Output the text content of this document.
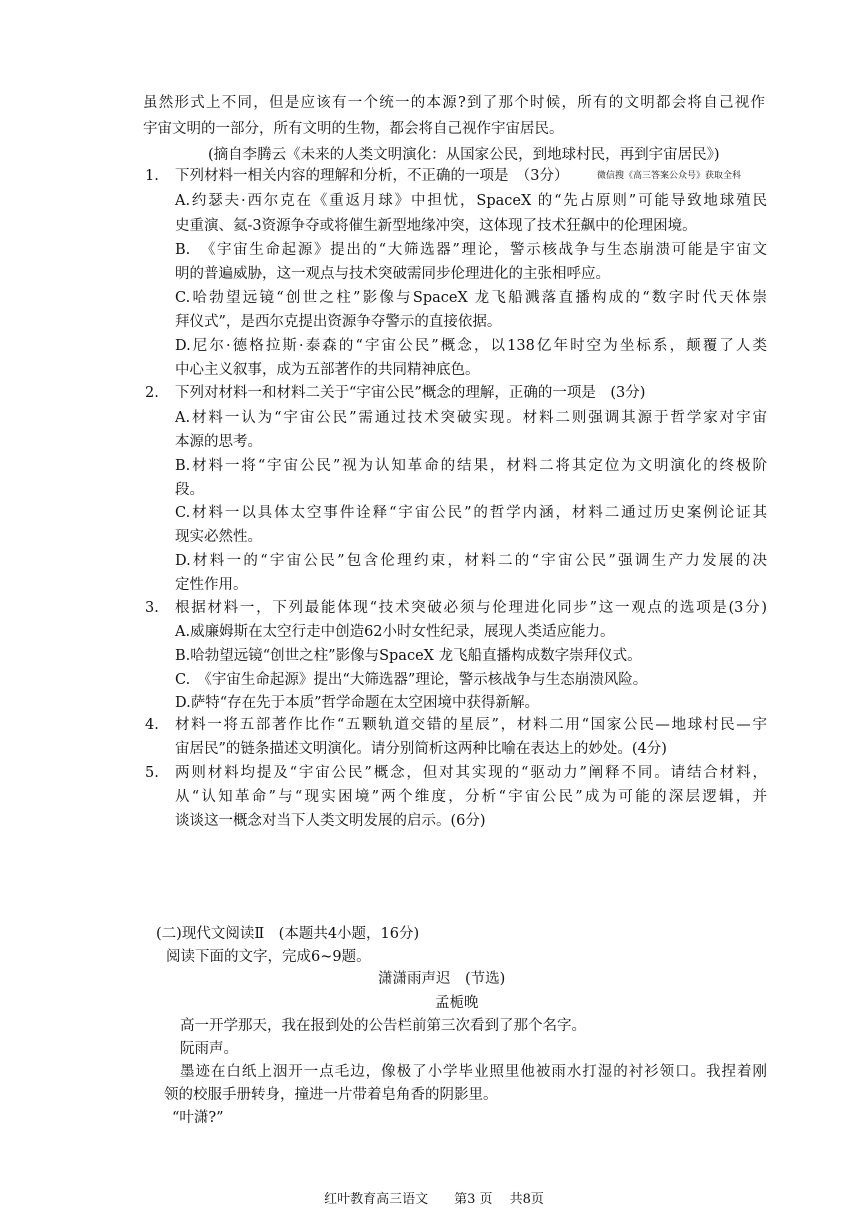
虽然形式上不同，但是应该有一个统一的本源?到了那个时候，所有的文明都会将自己视作
宇宙文明的一部分，所有文明的生物，都会将自己视作宇宙居民。
(摘自李腾云《未来的人类文明演化：从国家公民，到地球村民，再到宇宙居民》)
1. 下列材料一相关内容的理解和分析，不正确的一项是　（3分）	微信搜《高三答案公众号》获取全科
A.约瑟夫·西尔克在《重返月球》中担忧，SpaceX 的“先占原则”可能导致地球殖民
史重演、氦-3资源争夺或将催生新型地缘冲突，这体现了技术狂飙中的伦理困境。
B.　《宇宙生命起源》提出的“大筛选器”理论，警示核战争与生态崩溃可能是宇宙文
明的普遍威胁，这一观点与技术突破需同步伦理进化的主张相呼应。
C.哈勃望远镜“创世之柱”影像与SpaceX 龙飞船溅落直播构成的“数字时代天体崇
拜仪式”，是西尔克提出资源争夺警示的直接依据。
D.尼尔·德格拉斯·泰森的“宇宙公民”概念，以138亿年时空为坐标系，颠覆了人类
中心主义叙事，成为五部著作的共同精神底色。
2. 下列对材料一和材料二关于“宇宙公民”概念的理解，正确的一项是　(3分)
A.材料一认为“宇宙公民”需通过技术突破实现。材料二则强调其源于哲学家对宇宙
本源的思考。
B.材料一将“宇宙公民”视为认知革命的结果，材料二将其定位为文明演化的终极阶
段。
C.材料一以具体太空事件诠释“宇宙公民”的哲学内涵，材料二通过历史案例论证其
现实必然性。
D.材料一的“宇宙公民”包含伦理约束，材料二的“宇宙公民”强调生产力发展的决
定性作用。
3. 根据材料一，下列最能体现“技术突破必须与伦理进化同步”这一观点的选项是(3分)
A.威廉姆斯在太空行走中创造62小时女性纪录，展现人类适应能力。
B.哈勃望远镜“创世之柱”影像与SpaceX 龙飞船直播构成数字崇拜仪式。
C.　《宇宙生命起源》提出“大筛选器”理论，警示核战争与生态崩溃风险。
D.萨特“存在先于本质”哲学命题在太空困境中获得新解。
4. 材料一将五部著作比作“五颗轨道交错的星辰”，材料二用“国家公民—地球村民—宇
宙居民”的链条描述文明演化。请分别简析这两种比喻在表达上的妙处。(4分)
5. 两则材料均提及“宇宙公民”概念，但对其实现的“驱动力”阐释不同。请结合材料，
从“认知革命”与“现实困境”两个维度，分析“宇宙公民”成为可能的深层逻辑，并
谈谈这一概念对当下人类文明发展的启示。(6分)
(二)现代文阅读Ⅱ　(本题共4小题，16分)
阅读下面的文字，完成6~9题。
潇潇雨声迟　(节选)
孟栀晚
高一开学那天，我在报到处的公告栏前第三次看到了那个名字。
阮雨声。
墨迹在白纸上洇开一点毛边，像极了小学毕业照里他被雨水打湿的衬衫领口。我捏着刚
领的校服手册转身，撞进一片带着皂角香的阴影里。
“叶潇?”
红叶教育高三语文　　第3 页　 共8页
